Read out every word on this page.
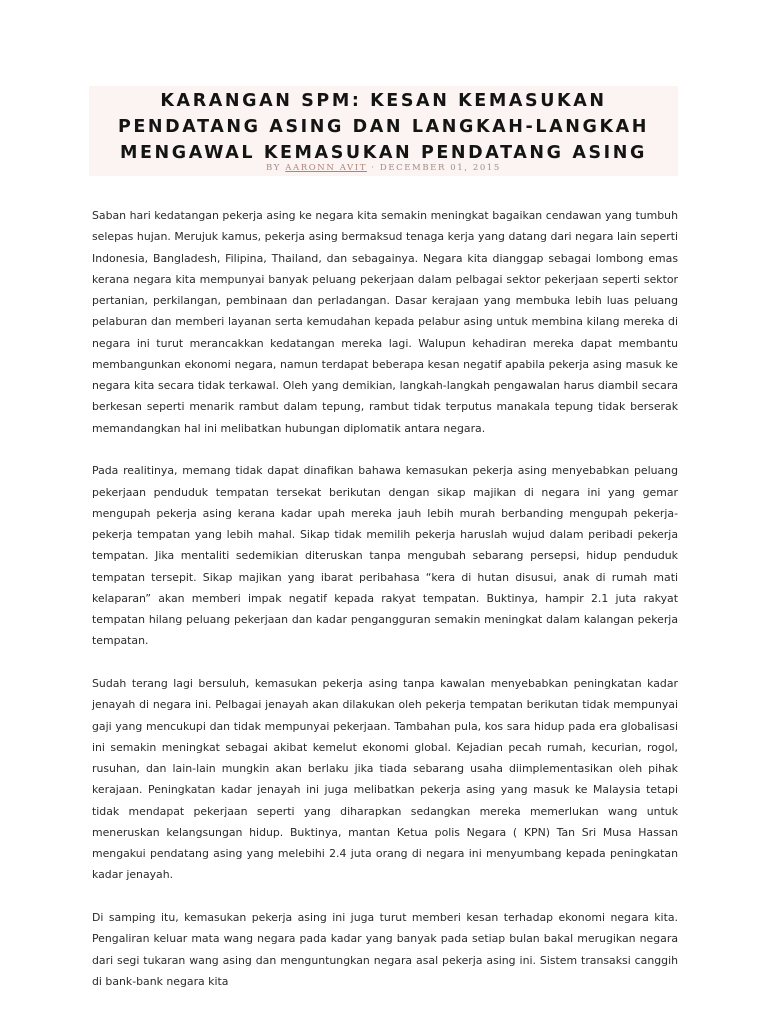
KARANGAN SPM: KESAN KEMASUKAN PENDATANG ASING DAN LANGKAH-LANGKAH MENGAWAL KEMASUKAN PENDATANG ASING
BY AARONN AVIT · DECEMBER 01, 2015

Saban hari kedatangan pekerja asing ke negara kita semakin meningkat bagaikan cendawan yang tumbuh selepas hujan. Merujuk kamus, pekerja asing bermaksud tenaga kerja yang datang dari negara lain seperti Indonesia, Bangladesh, Filipina, Thailand, dan sebagainya. Negara kita dianggap sebagai lombong emas kerana negara kita mempunyai banyak peluang pekerjaan dalam pelbagai sektor pekerjaan seperti sektor pertanian, perkilangan, pembinaan dan perladangan. Dasar kerajaan yang membuka lebih luas peluang pelaburan dan memberi layanan serta kemudahan kepada pelabur asing untuk membina kilang mereka di negara ini turut merancakkan kedatangan mereka lagi. Walupun kehadiran mereka dapat membantu membangunkan ekonomi negara, namun terdapat beberapa kesan negatif apabila pekerja asing masuk ke negara kita secara tidak terkawal. Oleh yang demikian, langkah-langkah pengawalan harus diambil secara berkesan seperti menarik rambut dalam tepung, rambut tidak terputus manakala tepung tidak berserak memandangkan hal ini melibatkan hubungan diplomatik antara negara.

Pada realitinya, memang tidak dapat dinafikan bahawa kemasukan pekerja asing menyebabkan peluang pekerjaan penduduk tempatan tersekat berikutan dengan sikap majikan di negara ini yang gemar mengupah pekerja asing kerana kadar upah mereka jauh lebih murah berbanding mengupah pekerja-pekerja tempatan yang lebih mahal. Sikap tidak memilih pekerja haruslah wujud dalam peribadi pekerja tempatan. Jika mentaliti sedemikian diteruskan tanpa mengubah sebarang persepsi, hidup penduduk tempatan tersepit. Sikap majikan yang ibarat peribahasa “kera di hutan disusui, anak di rumah mati kelaparan” akan memberi impak negatif kepada rakyat tempatan. Buktinya, hampir 2.1 juta rakyat tempatan hilang peluang pekerjaan dan kadar pengangguran semakin meningkat dalam kalangan pekerja tempatan.

Sudah terang lagi bersuluh, kemasukan pekerja asing tanpa kawalan menyebabkan peningkatan kadar jenayah di negara ini. Pelbagai jenayah akan dilakukan oleh pekerja tempatan berikutan tidak mempunyai gaji yang mencukupi dan tidak mempunyai pekerjaan. Tambahan pula, kos sara hidup pada era globalisasi ini semakin meningkat sebagai akibat kemelut ekonomi global. Kejadian pecah rumah, kecurian, rogol, rusuhan, dan lain-lain mungkin akan berlaku jika tiada sebarang usaha diimplementasikan oleh pihak kerajaan. Peningkatan kadar jenayah ini juga melibatkan pekerja asing yang masuk ke Malaysia tetapi tidak mendapat pekerjaan seperti yang diharapkan sedangkan mereka memerlukan wang untuk meneruskan kelangsungan hidup. Buktinya, mantan Ketua polis Negara ( KPN) Tan Sri Musa Hassan mengakui pendatang asing yang melebihi 2.4 juta orang di negara ini menyumbang kepada peningkatan kadar jenayah.

Di samping itu, kemasukan pekerja asing ini juga turut memberi kesan terhadap ekonomi negara kita. Pengaliran keluar mata wang negara pada kadar yang banyak pada setiap bulan bakal merugikan negara dari segi tukaran wang asing dan menguntungkan negara asal pekerja asing ini. Sistem transaksi canggih di bank-bank negara kita
